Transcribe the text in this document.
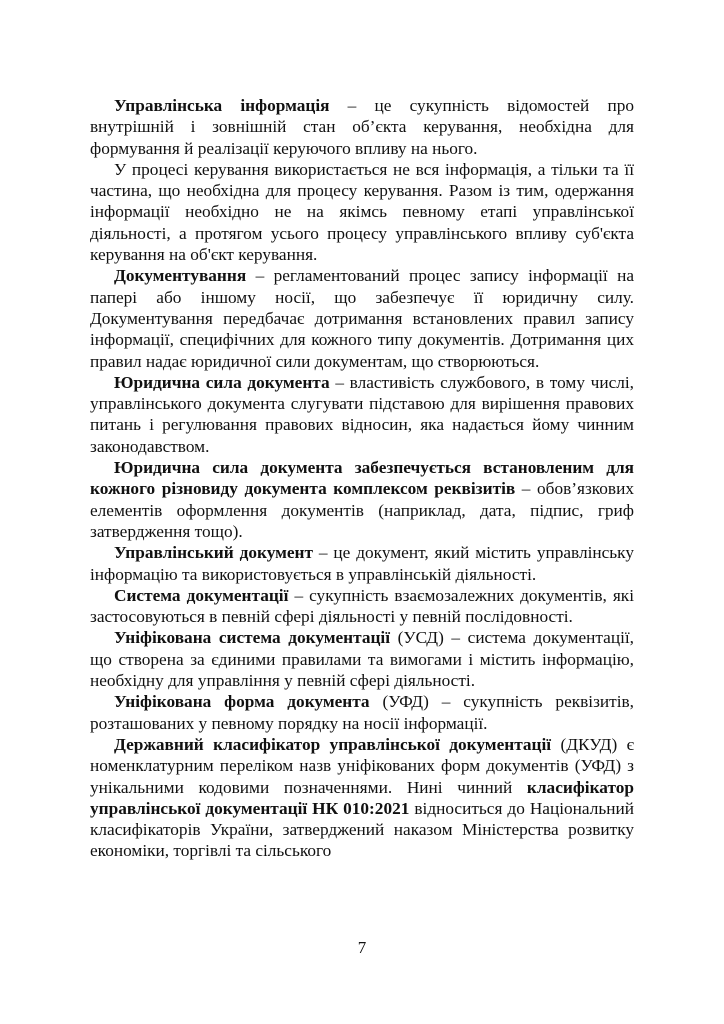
Управлінська інформація – це сукупність відомостей про внутрішній і зовнішній стан об’єкта керування, необхідна для формування й реалізації керуючого впливу на нього.

У процесі керування використається не вся інформація, а тільки та її частина, що необхідна для процесу керування. Разом із тим, одержання інформації необхідно не на якімсь певному етапі управлінської діяльності, а протягом усього процесу управлінського впливу суб'єкта керування на об'єкт керування.

Документування – регламентований процес запису інформації на папері або іншому носії, що забезпечує її юридичну силу. Документування передбачає дотримання встановлених правил запису інформації, специфічних для кожного типу документів. Дотримання цих правил надає юридичної сили документам, що створюються.

Юридична сила документа – властивість службового, в тому числі, управлінського документа слугувати підставою для вирішення правових питань і регулювання правових відносин, яка надається йому чинним законодавством.

Юридична сила документа забезпечується встановленим для кожного різновиду документа комплексом реквізитів – обов’язкових елементів оформлення документів (наприклад, дата, підпис, гриф затвердження тощо).

Управлінський документ – це документ, який містить управлінську інформацію та використовується в управлінській діяльності.

Система документації – сукупність взаємозалежних документів, які застосовуються в певній сфері діяльності у певній послідовності.

Уніфікована система документації (УСД) – система документації, що створена за єдиними правилами та вимогами і містить інформацію, необхідну для управління у певній сфері діяльності.

Уніфікована форма документа (УФД) – сукупність реквізитів, розташованих у певному порядку на носії інформації.

Державний класифікатор управлінської документації (ДКУД) є номенклатурним переліком назв уніфікованих форм документів (УФД) з унікальними кодовими позначеннями. Нині чинний класифікатор управлінської документації НК 010:2021 відноситься до Національний класифікаторів України, затверджений наказом Міністерства розвитку економіки, торгівлі та сільського

7
